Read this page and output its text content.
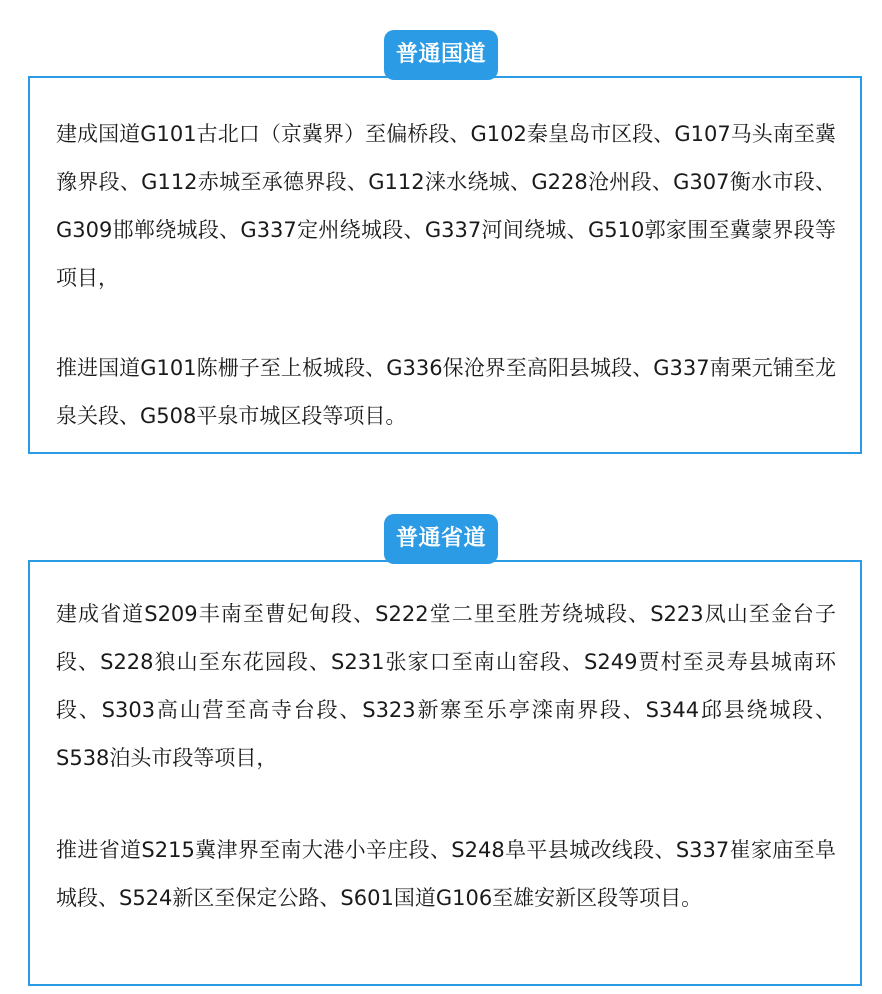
普通国道

建成国道G101古北口（京冀界）至偏桥段、G102秦皇岛市区段、G107马头南至冀豫界段、G112赤城至承德界段、G112涞水绕城、G228沧州段、G307衡水市段、G309邯郸绕城段、G337定州绕城段、G337河间绕城、G510郭家围至冀蒙界段等项目，

推进国道G101陈栅子至上板城段、G336保沧界至高阳县城段、G337南栗元铺至龙泉关段、G508平泉市城区段等项目。

普通省道

建成省道S209丰南至曹妃甸段、S222堂二里至胜芳绕城段、S223凤山至金台子段、S228狼山至东花园段、S231张家口至南山窑段、S249贾村至灵寿县城南环段、S303高山营至高寺台段、S323新寨至乐亭滦南界段、S344邱县绕城段、S538泊头市段等项目，

推进省道S215冀津界至南大港小辛庄段、S248阜平县城改线段、S337崔家庙至阜城段、S524新区至保定公路、S601国道G106至雄安新区段等项目。
